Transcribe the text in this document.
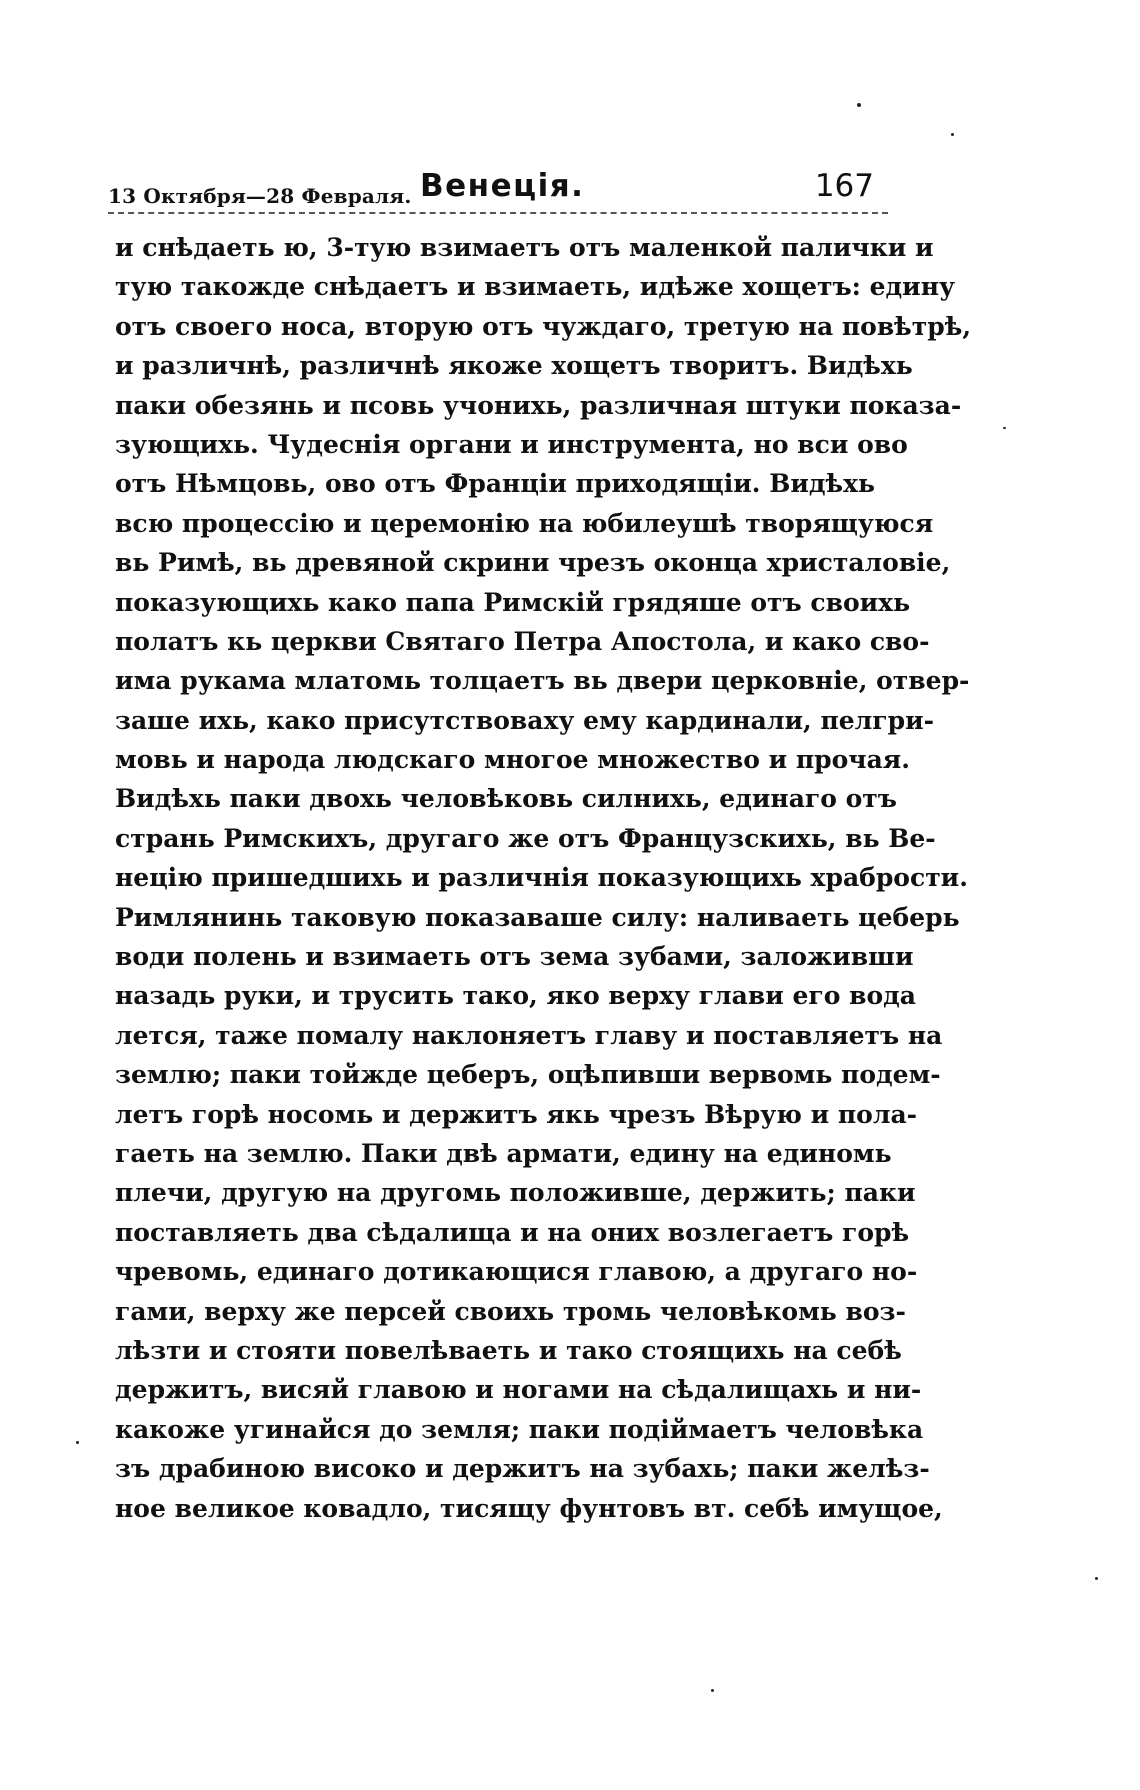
13 Октября—28 Февраля. Венеція.	167
и снѣдаеть ю, 3-тую взимаетъ отъ маленкой палички и
тую такожде снѣдаетъ и взимаеть, идѣже хощетъ: едину
отъ своего носа, вторую отъ чуждаго, третую на повѣтрѣ,
и различнѣ, различнѣ якоже хощетъ творитъ. Видѣхь
паки обезянь и псовь учонихь, различная штуки показа-
зующихь. Чудеснія органи и инструмента, но вси ово
отъ Нѣмцовь, ово отъ Франціи приходящіи. Видѣхь
всю процессію и церемонію на юбилеушѣ творящуюся
вь Римѣ, вь древяной скрини чрезъ оконца христаловіе,
показующихь како папа Римскій грядяше отъ своихь
полатъ кь церкви Святаго Петра Апостола, и како сво-
има рукама млатомь толцаетъ вь двери церковніе, отвер-
заше ихь, како присутствоваху ему кардинали, пелгри-
мовь и народа людскаго многое множество и прочая.
Видѣхь паки двохь человѣковь силнихь, единаго отъ
странь Римскихъ, другаго же отъ Французскихь, вь Ве-
нецію пришедшихь и различнія показующихь храбрости.
Римлянинь таковую показаваше силу: наливаеть цеберь
води полень и взимаеть отъ зема зубами, заложивши
назадь руки, и трусить тако, яко верху глави его вода
лется, таже помалу наклоняетъ главу и поставляетъ на
землю; паки тойжде цеберъ, оцѣпивши вервомь подем-
летъ горѣ носомь и держитъ якь чрезъ Вѣрую и пола-
гаеть на землю. Паки двѣ армати, едину на единомь
плечи, другую на другомь положивше, держить; паки
поставляеть два сѣдалища и на оних возлегаетъ горѣ
чревомь, единаго дотикающися главою, а другаго но-
гами, верху же персей своихь тромь человѣкомь воз-
лѣзти и стояти повелѣваеть и тако стоящихь на себѣ
держитъ, висяй главою и ногами на сѣдалищахь и ни-
какоже угинайся до земля; паки подіймаетъ человѣка
зъ драбиною високо и держитъ на зубахь; паки желѣз-
ное великое ковадло, тисящу фунтовъ вт. себѣ имущое,
